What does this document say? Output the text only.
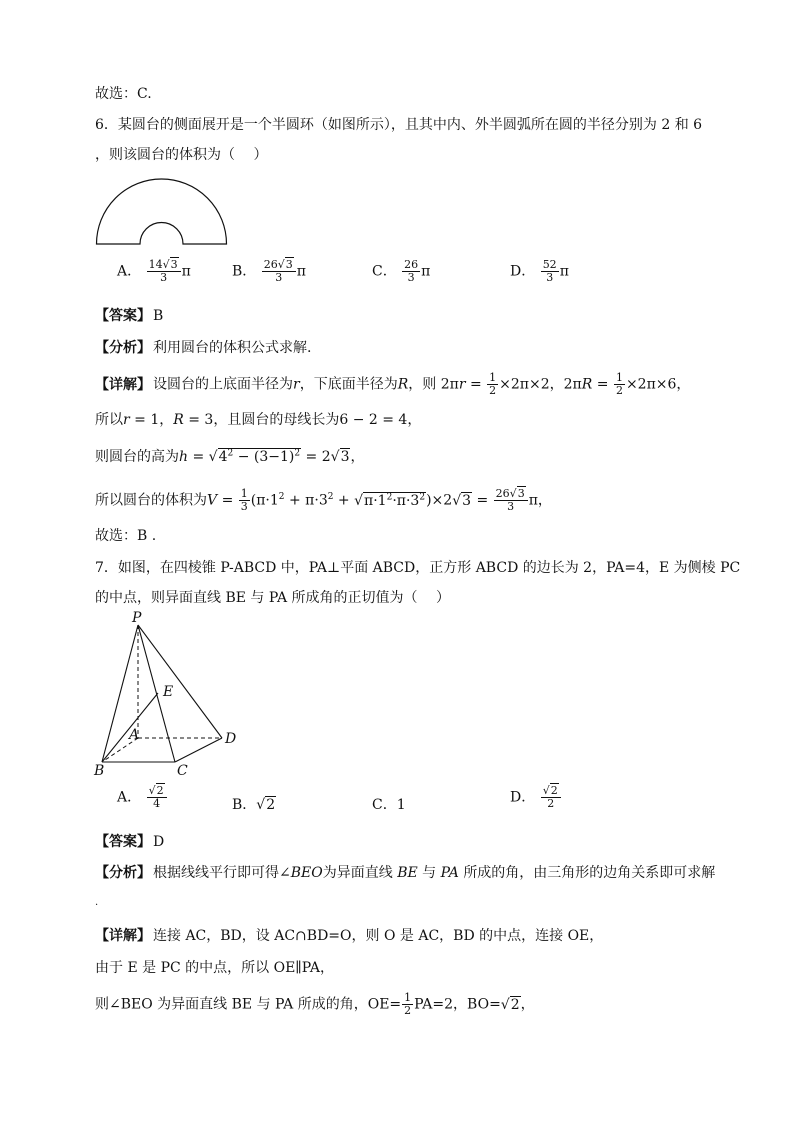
故选：C.
6．某圆台的侧面展开是一个半圆环（如图所示），且其中内、外半圆弧所在圆的半径分别为 2 和 6
，则该圆台的体积为（　 ）
A． $\frac{14√3}{3}$ π	B． $\frac{26√3}{3}$ π	C． $\frac{26}{3}$ π	D． $\frac{52}{3}$ π
【答案】 B
【分析】 利用圆台的体积公式求解.
【详解】 设圆台的上底面半径为r，下底面半径为R，则 $2\pi r = \frac{1}{2} \times 2\pi\times 2$，$2\pi R = \frac{1}{2} \times 2\pi\times 6$，
所以r = 1，R = 3，且圆台的母线长为6 − 2 = 4，
则圆台的高为$h = √4^2 - (3-1)^2 = 2√3$，
所以圆台的体积为$V = \frac{1}{3} (\pi\cdot 1^2 + \pi\cdot 3^2 + √\pi\cdot 1^2\cdot\pi\cdot 3^2)\times 2√3 = \frac{26√3}{3}$ π，
故选：B .
7．如图，在四棱锥 P-ABCD 中，PA⊥平面 ABCD，正方形 ABCD 的边长为 2，PA=4，E 为侧棱 PC
的中点，则异面直线 BE 与 PA 所成角的正切值为（　 ）
P
E
A	D
B	C
A． $\frac{√2}{4}$	B．√2	C．1	D． $\frac{√2}{2}$
【答案】 D
【分析】 根据线线平行即可得∠BEO为异面直线 BE 与 PA 所成的角，由三角形的边角关系即可求解
.
【详解】 连接 AC，BD，设 AC∩BD=O，则 O 是 AC，BD 的中点，连接 OE，
由于 E 是 PC 的中点，所以 OE∥PA，
则∠BEO 为异面直线 BE 与 PA 所成的角，$OE= \frac{1}{2} PA=2$，BO=√2，
